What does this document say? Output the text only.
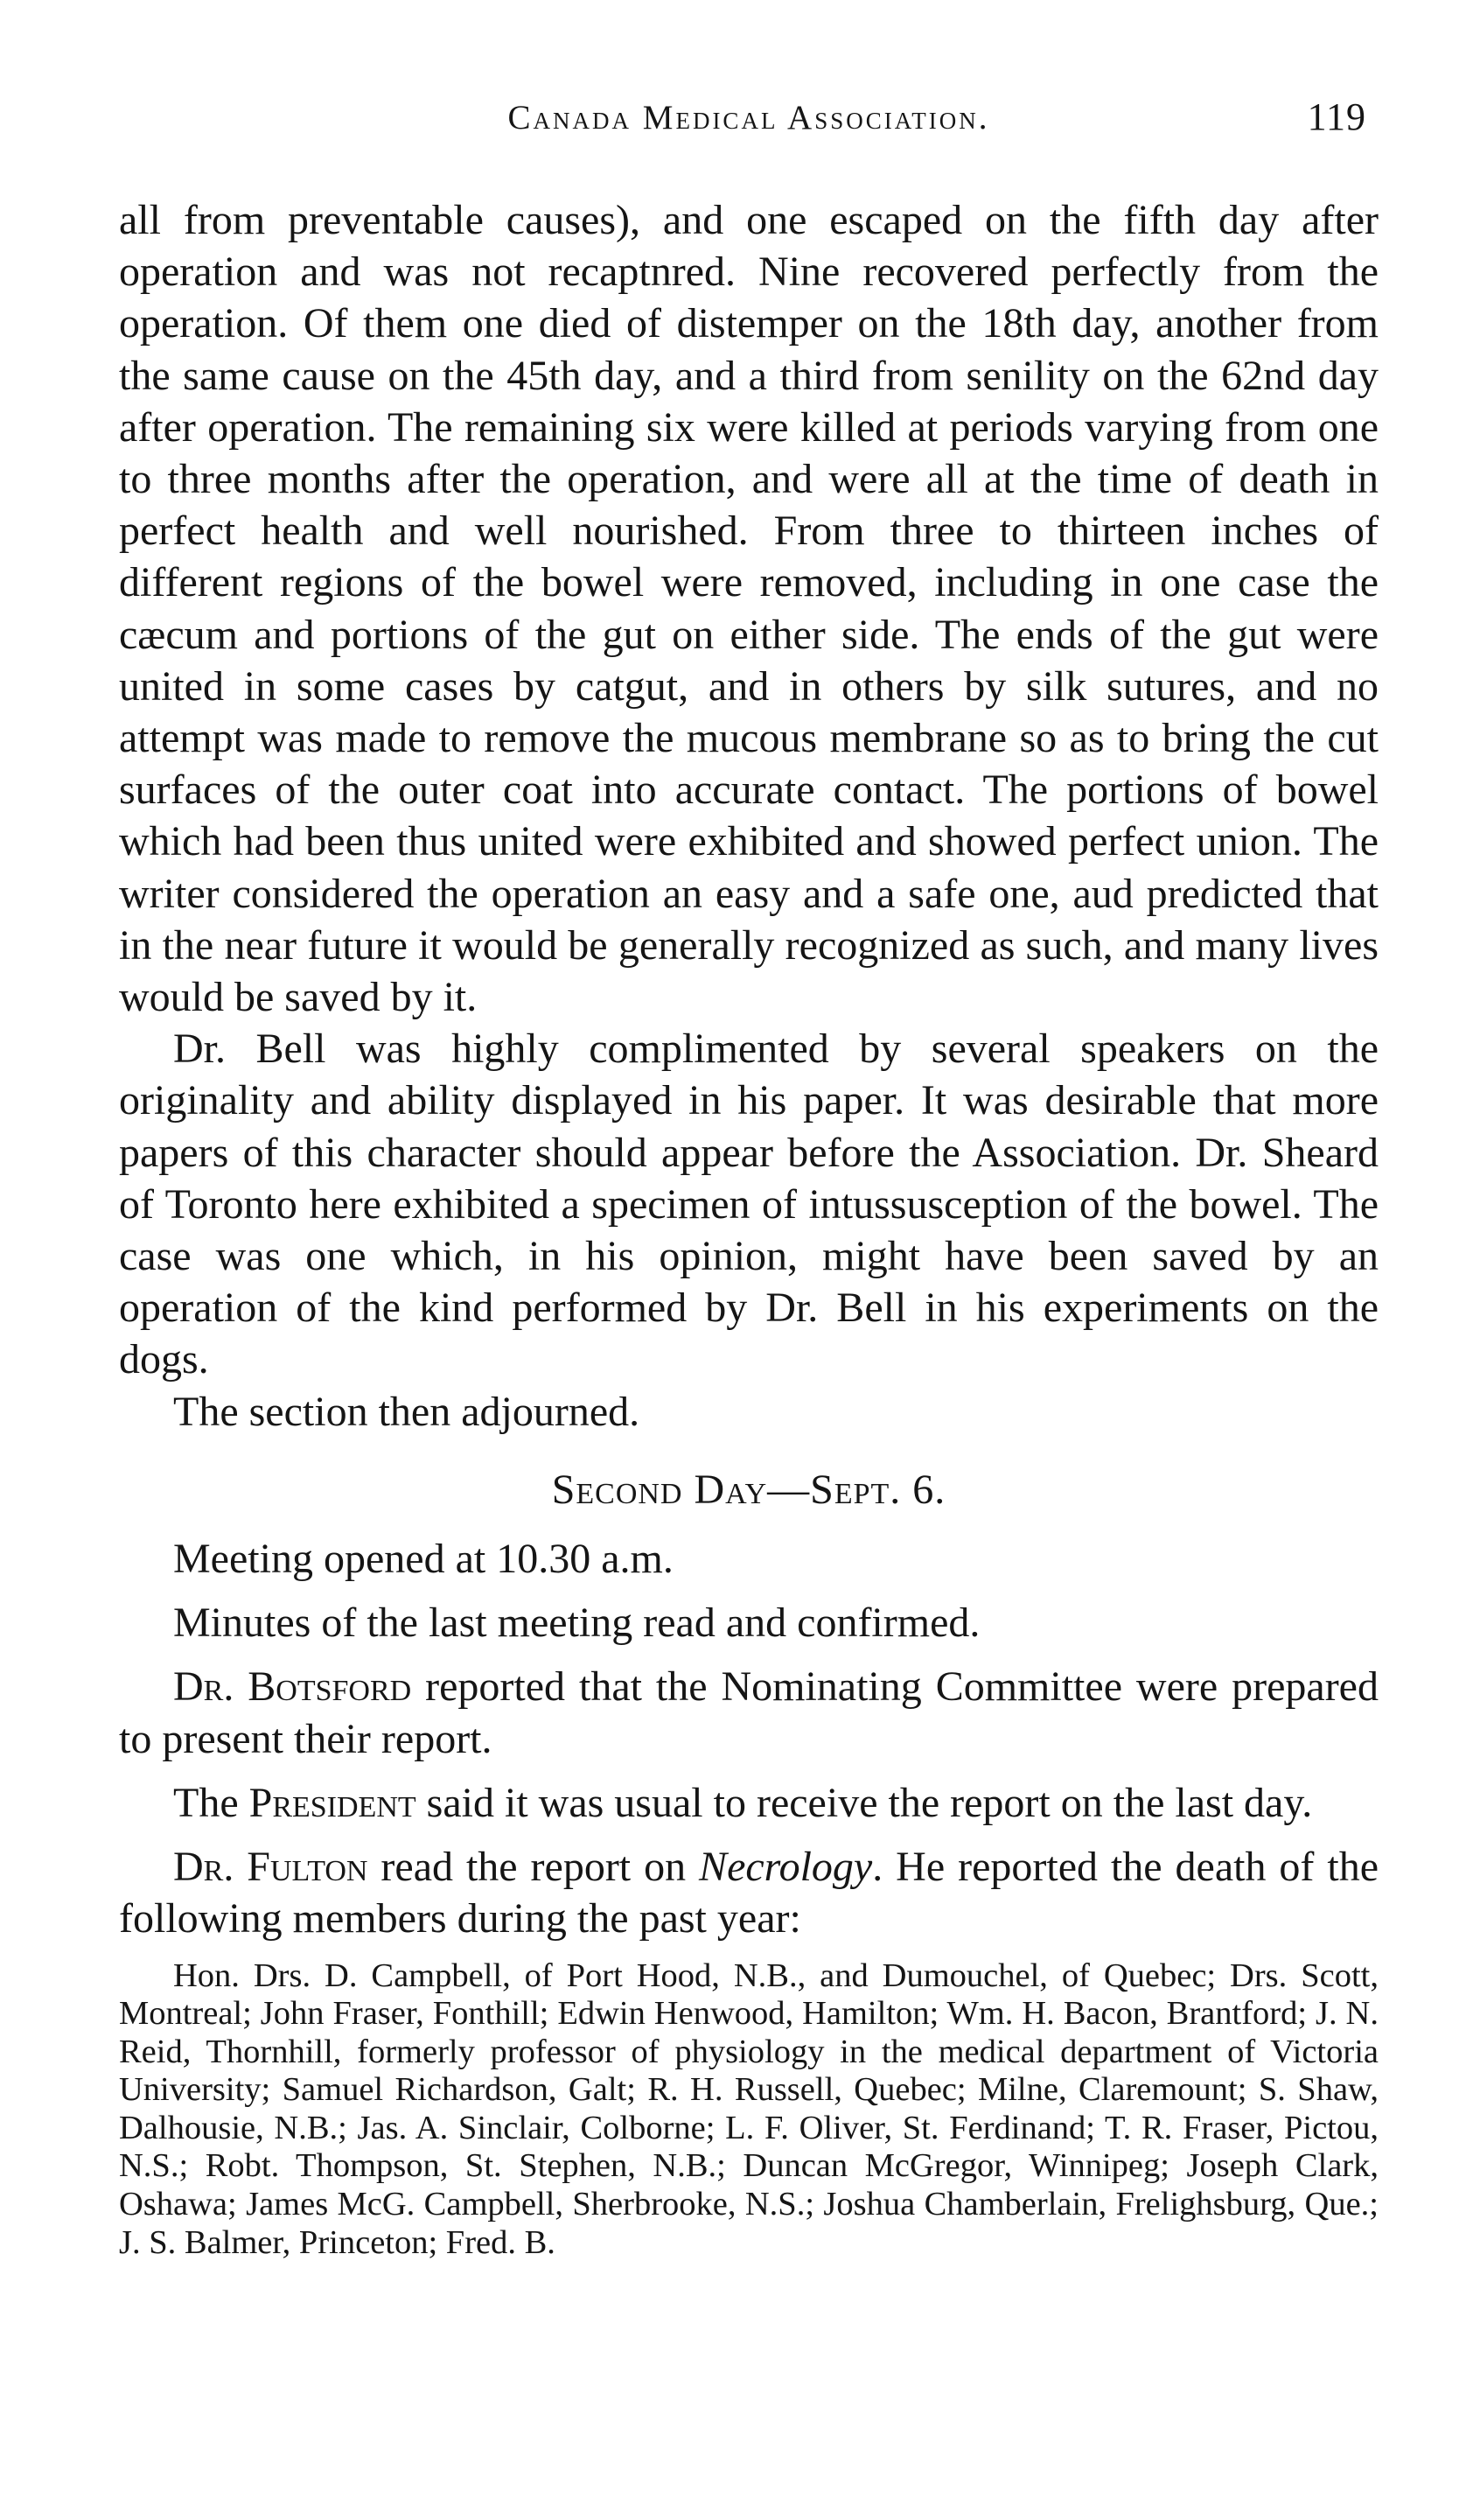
Canada Medical Association.	119

all from preventable causes), and one escaped on the fifth day after operation and was not recaptnred. Nine recovered perfectly from the operation. Of them one died of distemper on the 18th day, another from the same cause on the 45th day, and a third from senility on the 62nd day after operation. The remaining six were killed at periods varying from one to three months after the operation, and were all at the time of death in perfect health and well nourished. From three to thirteen inches of different regions of the bowel were removed, including in one case the cæcum and portions of the gut on either side. The ends of the gut were united in some cases by catgut, and in others by silk sutures, and no attempt was made to remove the mucous membrane so as to bring the cut surfaces of the outer coat into accurate contact. The portions of bowel which had been thus united were exhibited and showed perfect union. The writer considered the operation an easy and a safe one, aud predicted that in the near future it would be generally recognized as such, and many lives would be saved by it.

Dr. Bell was highly complimented by several speakers on the originality and ability displayed in his paper. It was desirable that more papers of this character should appear before the Association. Dr. Sheard of Toronto here exhibited a specimen of intussusception of the bowel. The case was one which, in his opinion, might have been saved by an operation of the kind performed by Dr. Bell in his experiments on the dogs.

The section then adjourned.

Second Day—Sept. 6.

Meeting opened at 10.30 a.m.

Minutes of the last meeting read and confirmed.

Dr. Botsford reported that the Nominating Committee were prepared to present their report.

The President said it was usual to receive the report on the last day.

Dr. Fulton read the report on Necrology. He reported the death of the following members during the past year:

Hon. Drs. D. Campbell, of Port Hood, N.B., and Dumouchel, of Quebec; Drs. Scott, Montreal; John Fraser, Fonthill; Edwin Henwood, Hamilton; Wm. H. Bacon, Brantford; J. N. Reid, Thornhill, formerly professor of physiology in the medical department of Victoria University; Samuel Richardson, Galt; R. H. Russell, Quebec; Milne, Claremount; S. Shaw, Dalhousie, N.B.; Jas. A. Sinclair, Colborne; L. F. Oliver, St. Ferdinand; T. R. Fraser, Pictou, N.S.; Robt. Thompson, St. Stephen, N.B.; Duncan McGregor, Winnipeg; Joseph Clark, Oshawa; James McG. Campbell, Sherbrooke, N.S.; Joshua Chamberlain, Frelighsburg, Que.; J. S. Balmer, Princeton; Fred. B.
